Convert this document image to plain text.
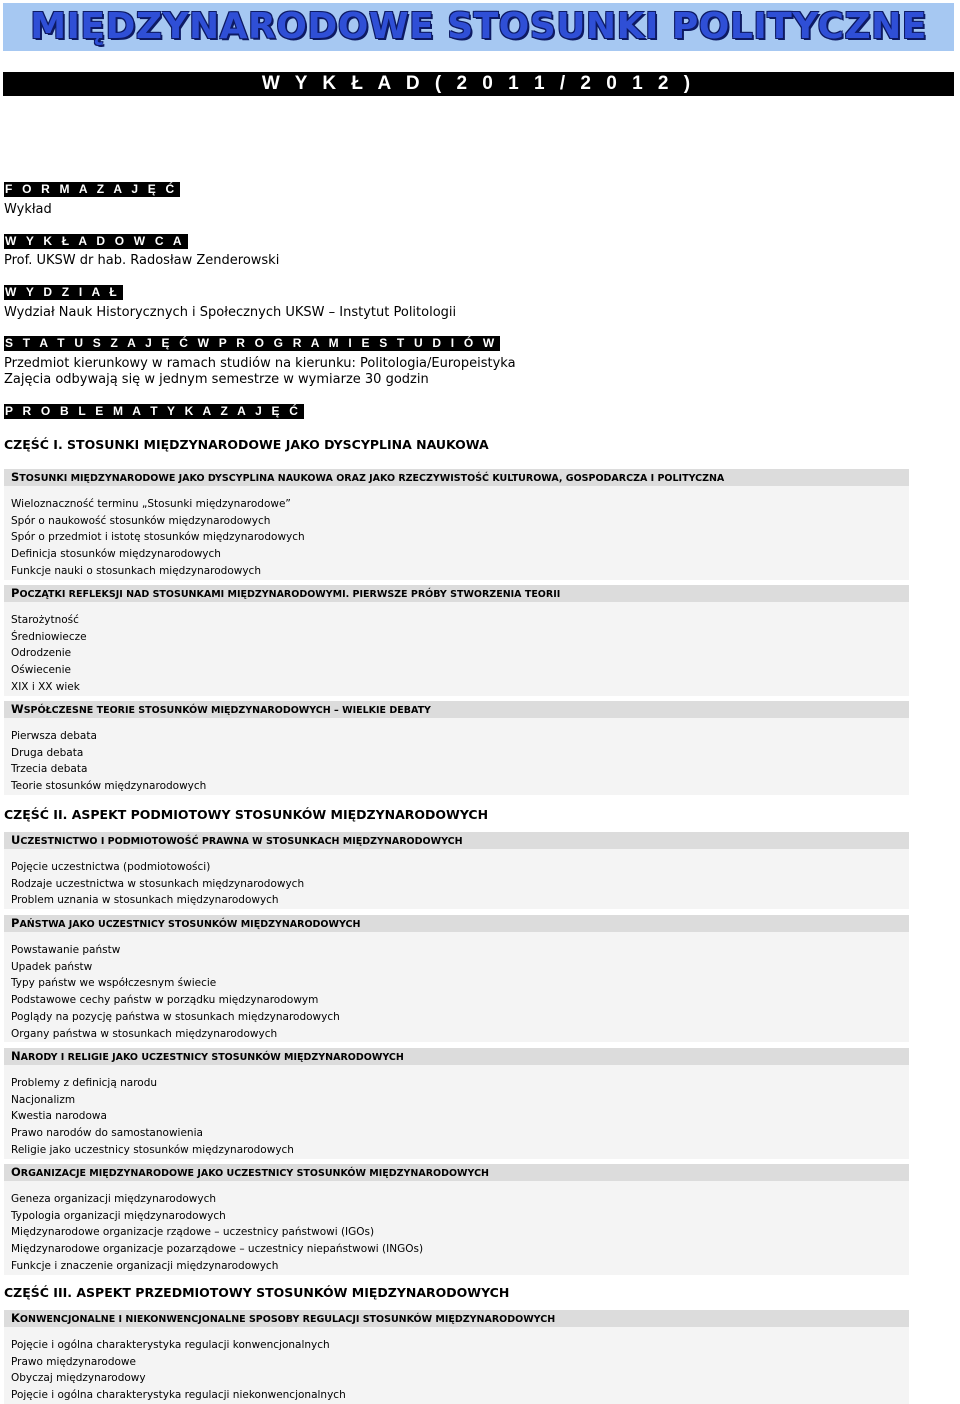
MIĘDZYNARODOWE STOSUNKI POLITYCZNE
W Y K Ł A D ( 2 0 1 1 / 2 0 1 2 )
F O R M A Z A J Ę Ć
Wykład
W Y K Ł A D O W C A
Prof. UKSW dr hab. Radosław Zenderowski
W Y D Z I A Ł
Wydział Nauk Historycznych i Społecznych UKSW – Instytut Politologii
S T A T U S Z A J Ę Ć W P R O G R A M I E S T U D I Ó W
Przedmiot kierunkowy w ramach studiów na kierunku: Politologia/Europeistyka
Zajęcia odbywają się w jednym semestrze w wymiarze 30 godzin
P R O B L E M A T Y K A Z A J Ę Ć
CZĘŚĆ I. STOSUNKI MIĘDZYNARODOWE JAKO DYSCYPLINA NAUKOWA
STOSUNKI MIĘDZYNARODOWE JAKO DYSCYPLINA NAUKOWA ORAZ JAKO RZECZYWISTOŚĆ KULTUROWA, GOSPODARCZA I POLITYCZNA
Wieloznaczność terminu „Stosunki międzynarodowe”
Spór o naukowość stosunków międzynarodowych
Spór o przedmiot i istotę stosunków międzynarodowych
Definicja stosunków międzynarodowych
Funkcje nauki o stosunkach międzynarodowych
POCZĄTKI REFLEKSJI NAD STOSUNKAMI MIĘDZYNARODOWYMI. PIERWSZE PRÓBY STWORZENIA TEORII
Starożytność
Średniowiecze
Odrodzenie
Oświecenie
XIX i XX wiek
WSPÓŁCZESNE TEORIE STOSUNKÓW MIĘDZYNARODOWYCH – WIELKIE DEBATY
Pierwsza debata
Druga debata
Trzecia debata
Teorie stosunków międzynarodowych
CZĘŚĆ II. ASPEKT PODMIOTOWY STOSUNKÓW MIĘDZYNARODOWYCH
UCZESTNICTWO I PODMIOTOWOŚĆ PRAWNA W STOSUNKACH MIĘDZYNARODOWYCH
Pojęcie uczestnictwa (podmiotowości)
Rodzaje uczestnictwa w stosunkach międzynarodowych
Problem uznania w stosunkach międzynarodowych
PAŃSTWA JAKO UCZESTNICY STOSUNKÓW MIĘDZYNARODOWYCH
Powstawanie państw
Upadek państw
Typy państw we współczesnym świecie
Podstawowe cechy państw w porządku międzynarodowym
Poglądy na pozycję państwa w stosunkach międzynarodowych
Organy państwa w stosunkach międzynarodowych
NARODY I RELIGIE JAKO UCZESTNICY STOSUNKÓW MIĘDZYNARODOWYCH
Problemy z definicją narodu
Nacjonalizm
Kwestia narodowa
Prawo narodów do samostanowienia
Religie jako uczestnicy stosunków międzynarodowych
ORGANIZACJE MIĘDZYNARODOWE JAKO UCZESTNICY STOSUNKÓW MIĘDZYNARODOWYCH
Geneza organizacji międzynarodowych
Typologia organizacji międzynarodowych
Międzynarodowe organizacje rządowe – uczestnicy państwowi (IGOs)
Międzynarodowe organizacje pozarządowe – uczestnicy niepaństwowi (INGOs)
Funkcje i znaczenie organizacji międzynarodowych
CZĘŚĆ III. ASPEKT PRZEDMIOTOWY STOSUNKÓW MIĘDZYNARODOWYCH
KONWENCJONALNE I NIEKONWENCJONALNE SPOSOBY REGULACJI STOSUNKÓW MIĘDZYNARODOWYCH
Pojęcie i ogólna charakterystyka regulacji konwencjonalnych
Prawo międzynarodowe
Obyczaj międzynarodowy
Pojęcie i ogólna charakterystyka regulacji niekonwencjonalnych
